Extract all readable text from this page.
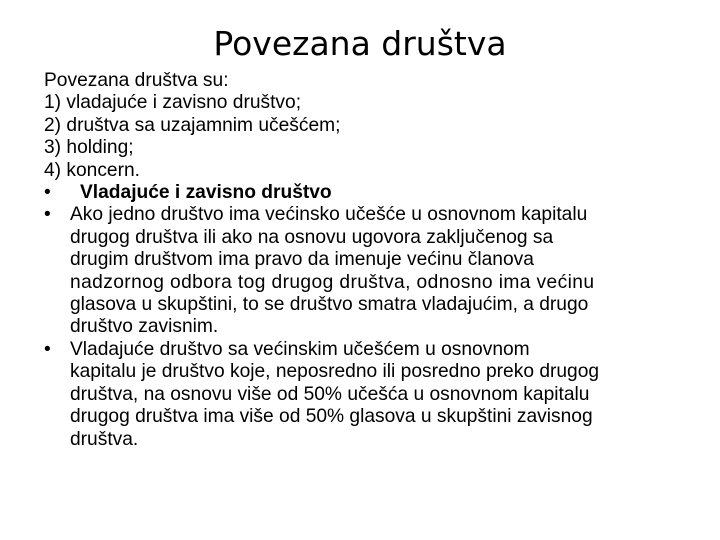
Povezana društva

Povezana društva su:

1) vladajuće i zavisno društvo;

2) društva sa uzajamnim učešćem;

3) holding;

4) koncern.

• Vladajuće i zavisno društvo
• Ako jedno društvo ima većinsko učešće u osnovnom kapitalu
drugog društva ili ako na osnovu ugovora zaključenog sa
drugim društvom ima pravo da imenuje većinu članova
nadzornog odbora tog drugog društva, odnosno ima većinu
glasova u skupštini, to se društvo smatra vladajućim, a drugo
društvo zavisnim.
• Vladajuće društvo sa većinskim učešćem u osnovnom
kapitalu je društvo koje, neposredno ili posredno preko drugog
društva, na osnovu više od 50% učešća u osnovnom kapitalu
drugog društva ima više od 50% glasova u skupštini zavisnog
društva.
